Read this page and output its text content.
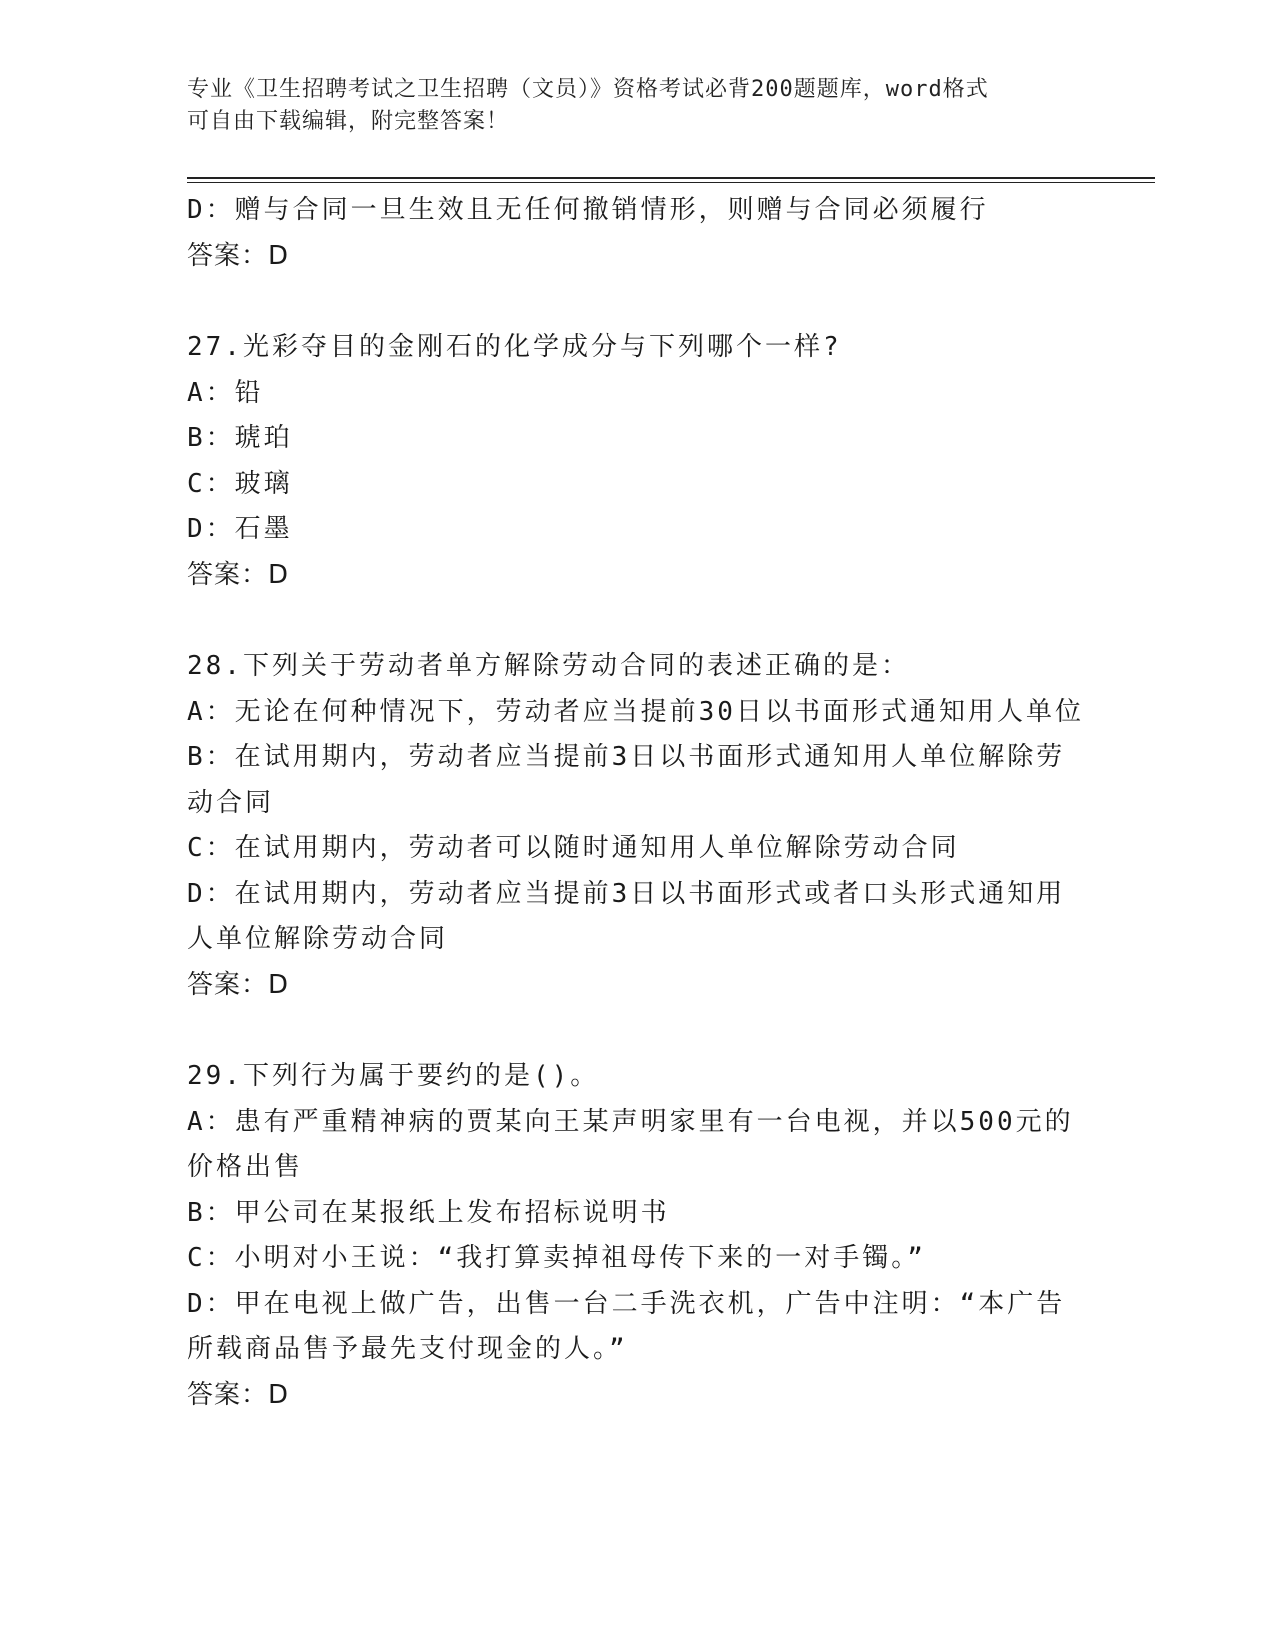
专业《卫生招聘考试之卫生招聘（文员）》资格考试必背200题题库，word格式
可自由下载编辑，附完整答案！
D：赠与合同一旦生效且无任何撤销情形，则赠与合同必须履行
答案：D
27.光彩夺目的金刚石的化学成分与下列哪个一样?
A：铅
B：琥珀
C：玻璃
D：石墨
答案：D
28.下列关于劳动者单方解除劳动合同的表述正确的是：
A：无论在何种情况下，劳动者应当提前30日以书面形式通知用人单位
B：在试用期内，劳动者应当提前3日以书面形式通知用人单位解除劳动合同
C：在试用期内，劳动者可以随时通知用人单位解除劳动合同
D：在试用期内，劳动者应当提前3日以书面形式或者口头形式通知用人单位解除劳动合同
答案：D
29.下列行为属于要约的是()。
A：患有严重精神病的贾某向王某声明家里有一台电视，并以500元的价格出售
B：甲公司在某报纸上发布招标说明书
C：小明对小王说：“我打算卖掉祖母传下来的一对手镯。”
D：甲在电视上做广告，出售一台二手洗衣机，广告中注明：“本广告所载商品售予最先支付现金的人。”
答案：D
